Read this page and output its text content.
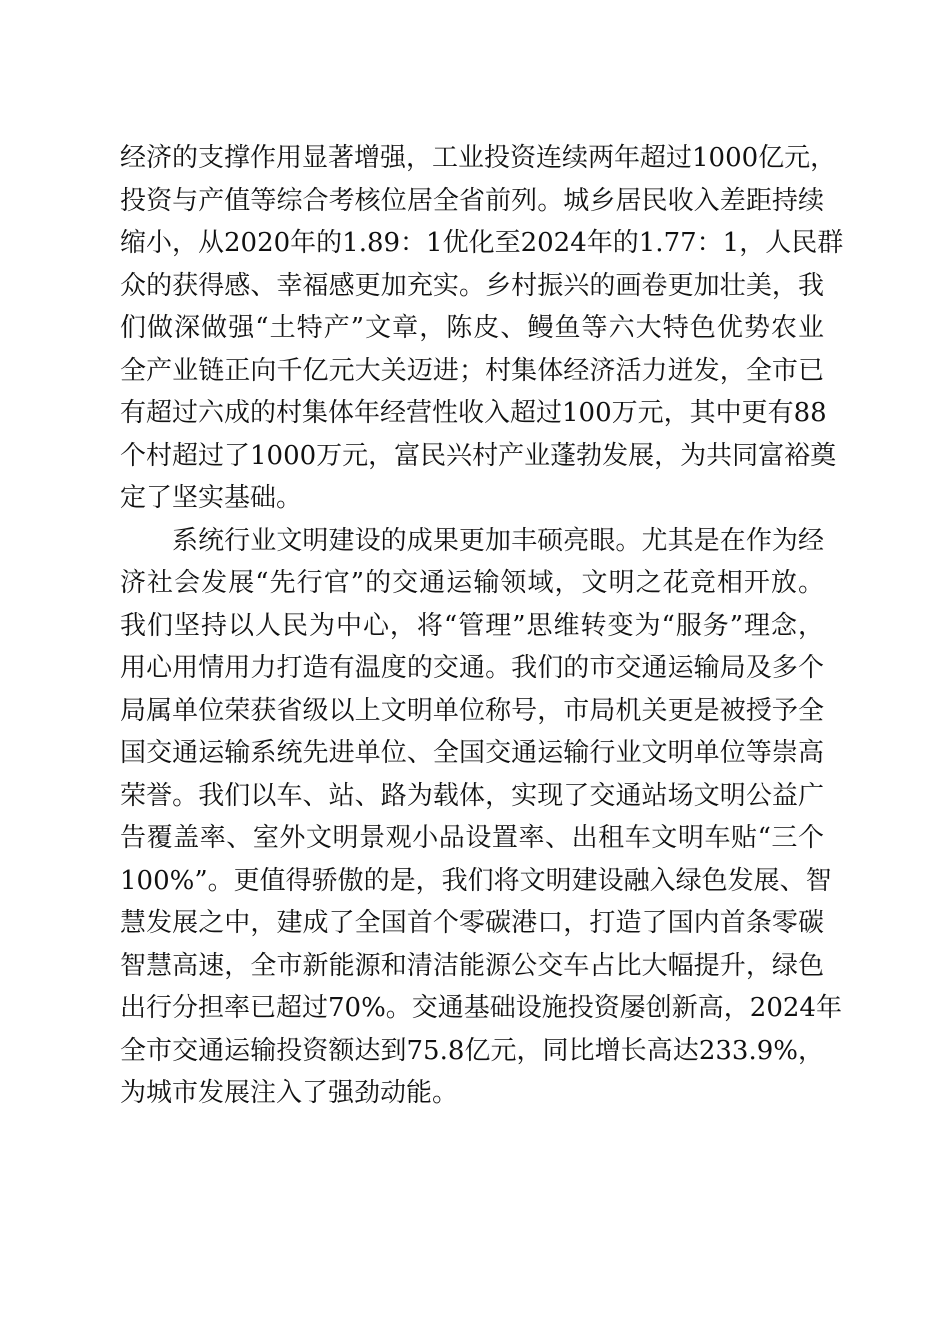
经济的支撑作用显著增强，工业投资连续两年超过1000亿元，
投资与产值等综合考核位居全省前列。城乡居民收入差距持续
缩小，从2020年的1.89：1优化至2024年的1.77：1，人民群
众的获得感、幸福感更加充实。乡村振兴的画卷更加壮美，我
们做深做强“土特产”文章，陈皮、鳗鱼等六大特色优势农业
全产业链正向千亿元大关迈进；村集体经济活力迸发，全市已
有超过六成的村集体年经营性收入超过100万元，其中更有88
个村超过了1000万元，富民兴村产业蓬勃发展，为共同富裕奠
定了坚实基础。
系统行业文明建设的成果更加丰硕亮眼。尤其是在作为经
济社会发展“先行官”的交通运输领域，文明之花竞相开放。
我们坚持以人民为中心，将“管理”思维转变为“服务”理念，
用心用情用力打造有温度的交通。我们的市交通运输局及多个
局属单位荣获省级以上文明单位称号，市局机关更是被授予全
国交通运输系统先进单位、全国交通运输行业文明单位等崇高
荣誉。我们以车、站、路为载体，实现了交通站场文明公益广
告覆盖率、室外文明景观小品设置率、出租车文明车贴“三个
100%”。更值得骄傲的是，我们将文明建设融入绿色发展、智
慧发展之中，建成了全国首个零碳港口，打造了国内首条零碳
智慧高速，全市新能源和清洁能源公交车占比大幅提升，绿色
出行分担率已超过70%。交通基础设施投资屡创新高，2024年
全市交通运输投资额达到75.8亿元，同比增长高达233.9%，
为城市发展注入了强劲动能。
